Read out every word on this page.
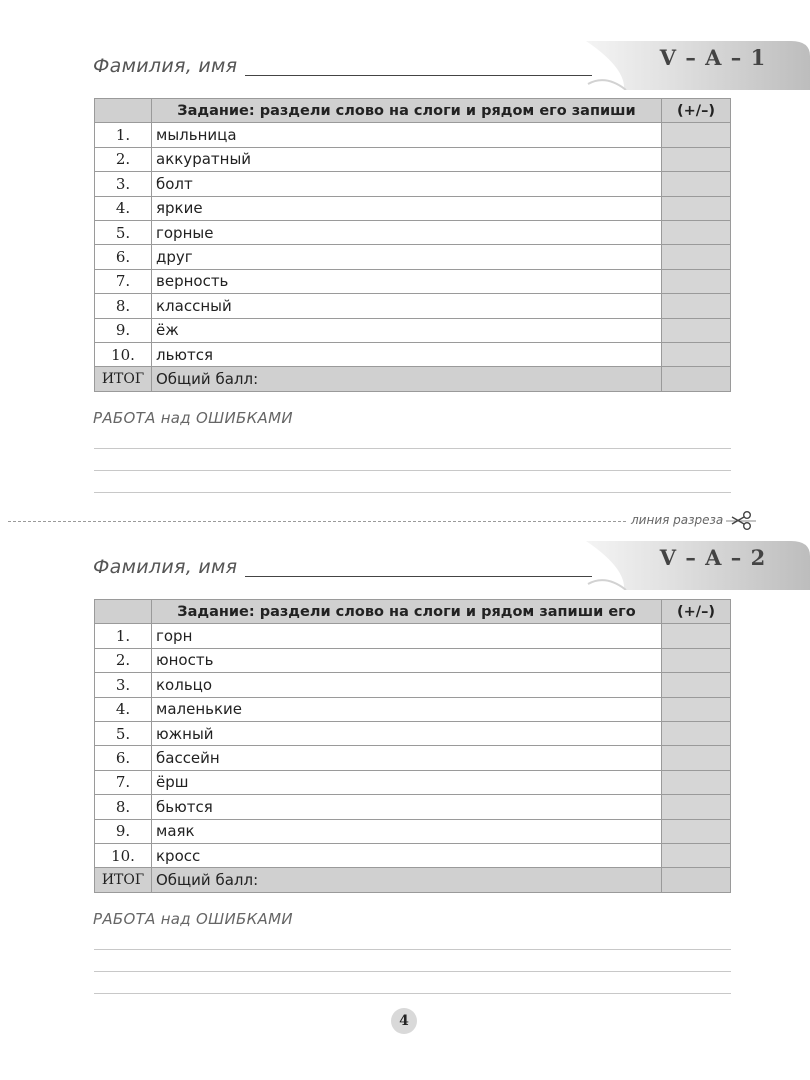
Фамилия, имя	V – A – 1
	Задание: раздели слово на слоги и рядом его запиши	(+/–)
1.	мыльница	
2.	аккуратный	
3.	болт	
4.	яркие	
5.	горные	
6.	друг	
7.	верность	
8.	классный	
9.	ёж	
10.	льются	
ИТОГ	Общий балл:	
РАБОТА над ОШИБКАМИ
линия разреза
Фамилия, имя	V – A – 2
	Задание: раздели слово на слоги и рядом запиши его	(+/–)
1.	горн	
2.	юность	
3.	кольцо	
4.	маленькие	
5.	южный	
6.	бассейн	
7.	ёрш	
8.	бьются	
9.	маяк	
10.	кросс	
ИТОГ	Общий балл:	
РАБОТА над ОШИБКАМИ
4
